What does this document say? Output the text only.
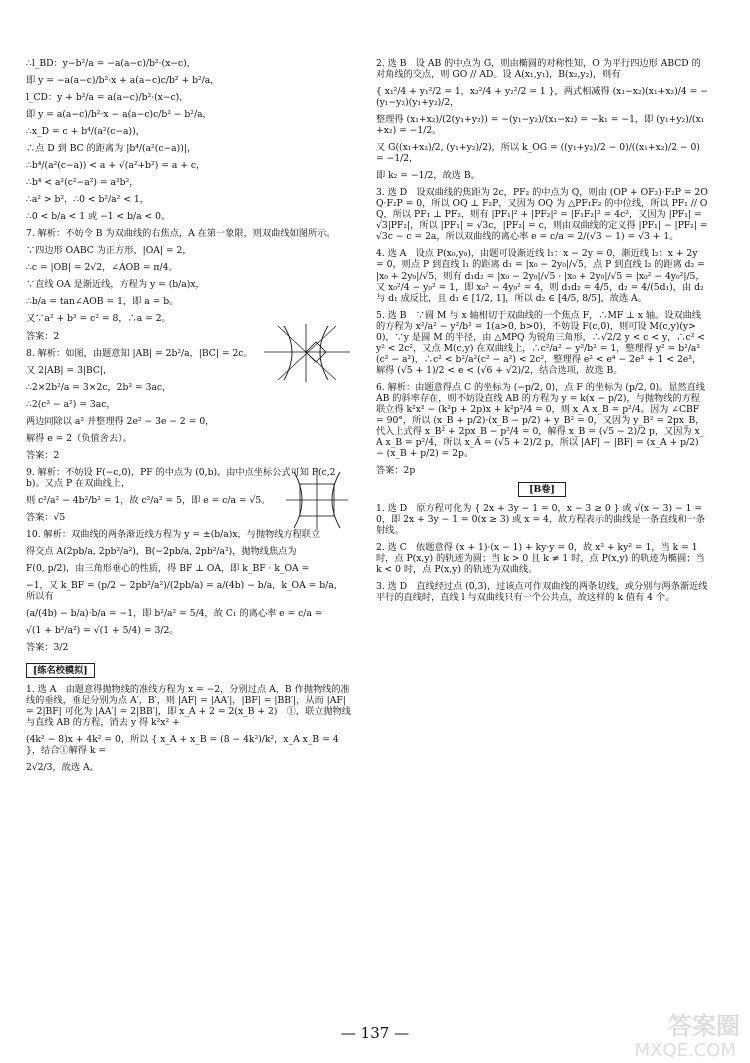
∴l_BD：y−b²/a = −a(a−c)/b²·(x−c)，
即 y = −a(a−c)/b²·x + a(a−c)c/b² + b²/a，
l_CD：y + b²/a = a(a−c)/b²·(x−c)，
即 y = a(a−c)/b²·x − a(a−c)c/b² − b²/a，
∴x_D = c + b⁴/(a²(c−a))，
∴点 D 到 BC 的距离为 |b⁴/(a²(c−a))|，
∴b⁴/(a²(c−a)) < a + √(a²+b²) = a + c，
∴b⁴ < a²(c²−a²) = a²b²，
∴a² > b²，∴0 < b²/a² < 1，
∴0 < b/a < 1 或 −1 < b/a < 0。
7. 解析：不妨令 B 为双曲线的右焦点，A 在第一象限，则双曲线如图所示。
∵四边形 OABC 为正方形，|OA| = 2，
∴c = |OB| = 2√2，∠AOB = π/4。
∵直线 OA 是渐近线，方程为 y = (b/a)x，
∴b/a = tan∠AOB = 1，即 a = b。
又∵a² + b² = c² = 8，∴a = 2。
答案：2
8. 解析：如图，由题意知 |AB| = 2b²/a，|BC| = 2c。
又 2|AB| = 3|BC|，
∴2×2b²/a = 3×2c，2b² = 3ac，
∴2(c² − a²) = 3ac，
两边同除以 a² 并整理得 2e² − 3e − 2 = 0，
解得 e = 2（负值舍去）。
答案：2
9. 解析：不妨设 F(−c,0)，PF 的中点为 (0,b)。由中点坐标公式可知 P(c,2b)。又点 P 在双曲线上，
则 c²/a² − 4b²/b² = 1，故 c²/a² = 5，即 e = c/a = √5。
答案：√5
10. 解析：双曲线的两条渐近线方程为 y = ±(b/a)x，与抛物线方程联立
得交点 A(2pb/a, 2pb²/a²)，B(−2pb/a, 2pb²/a²)，抛物线焦点为
F(0, p/2)，由三角形垂心的性质，得 BF ⊥ OA，即 k_BF · k_OA =
−1，又 k_BF = (p/2 − 2pb²/a²)/(2pb/a) = a/(4b) − b/a，k_OA = b/a，所以有
(a/(4b) − b/a)·b/a = −1，即 b²/a² = 5/4，故 C₁ 的离心率 e = c/a =
√(1 + b²/a²) = √(1 + 5/4) = 3/2。
答案：3/2
[练名校模拟]
1. 选 A　由题意得抛物线的准线方程为 x = −2，分别过点 A，B 作抛物线的准线的垂线，垂足分别为点 A′，B′，则 |AF| = |AA′|，|BF| = |BB′|，从而 |AF| = 2|BF| 可化为 |AA′| = 2|BB′|，即 x_A + 2 = 2(x_B + 2)　①，联立抛物线与直线 AB 的方程，消去 y 得 k²x² +
(4k² − 8)x + 4k² = 0，所以 { x_A + x_B = (8 − 4k²)/k²，x_A x_B = 4 }，结合①解得 k =
2√2/3，故选 A。
2. 选 B　设 AB 的中点为 G，则由椭圆的对称性知，O 为平行四边形 ABCD 的对角线的交点，则 GO // AD。设 A(x₁,y₁)，B(x₂,y₂)，则有
{ x₁²/4 + y₁²/2 = 1，x₂²/4 + y₂²/2 = 1 }，两式相减得 (x₁−x₂)(x₁+x₂)/4 = −(y₁−y₂)(y₁+y₂)/2，
整理得 (x₁+x₂)/(2(y₁+y₂)) = −(y₁−y₂)/(x₁−x₂) = −k₁ = −1，即 (y₁+y₂)/(x₁+x₂) = −1/2。
又 G((x₁+x₂)/2, (y₁+y₂)/2)，所以 k_OG = ((y₁+y₂)/2 − 0)/((x₁+x₂)/2 − 0) = −1/2，
即 k₂ = −1/2，故选 B。
3. 选 D　设双曲线的焦距为 2c，PF₂ 的中点为 Q，则由 (OP + OF₂)·F₂P = 2OQ·F₂P = 0，所以 OQ ⊥ F₂P，又因为 OQ 为 △PF₁F₂ 的中位线，所以 PF₁ // OQ，所以 PF₁ ⊥ PF₂，则有 |PF₁|² + |PF₂|² = |F₁F₂|² = 4c²，又因为 |PF₁| = √3|PF₂|，所以 |PF₁| = √3c，|PF₂| = c，则由双曲线的定义得 |PF₁| − |PF₂| = √3c − c = 2a，所以双曲线的离心率 e = c/a = 2/(√3 − 1) = √3 + 1。
4. 选 A　设点 P(x₀,y₀)，由题可设渐近线 l₁：x − 2y = 0，渐近线 l₂：x + 2y = 0，则点 P 到直线 l₁ 的距离 d₁ = |x₀ − 2y₀|/√5，点 P 到直线 l₂ 的距离 d₂ = |x₀ + 2y₀|/√5，则有 d₁d₂ = |x₀ − 2y₀|/√5 · |x₀ + 2y₀|/√5 = |x₀² − 4y₀²|/5，又 x₀²/4 − y₀² = 1，即 x₀² − 4y₀² = 4，则 d₁d₂ = 4/5，d₂ = 4/(5d₁)，由 d₂ 与 d₁ 成反比，且 d₁ ∈ [1/2, 1]，所以 d₂ ∈ [4/5, 8/5]，故选 A。
5. 选 B　∵圆 M 与 x 轴相切于双曲线的一个焦点 F，∴MF ⊥ x 轴。设双曲线的方程为 x²/a² − y²/b² = 1(a>0, b>0)，不妨设 F(c,0)，则可设 M(c,y)(y>0)，∵y 是圆 M 的半径，由 △MPQ 为锐角三角形，∴√2/2 y < c < y，∴c² < y² < 2c²，又点 M(c,y) 在双曲线上，∴c²/a² − y²/b² = 1，整理得 y² = b²/a²(c² − a²)，∴c² < b²/a²(c² − a²) < 2c²，整理得 e² < e⁴ − 2e² + 1 < 2e²，解得 (√5 + 1)/2 < e < (√6 + √2)/2，结合选项，故选 B。
6. 解析：由题意得点 C 的坐标为 (−p/2, 0)，点 F 的坐标为 (p/2, 0)。显然直线 AB 的斜率存在，则不妨设直线 AB 的方程为 y = k(x − p/2)，与抛物线的方程联立得 k²x² − (k²p + 2p)x + k²p²/4 = 0，则 x_A x_B = p²/4。因为 ∠CBF = 90°，所以 (x_B + p/2)·(x_B − p/2) + y_B² = 0，又因为 y_B² = 2px_B，代入上式得 x_B² + 2px_B − p²/4 = 0，解得 x_B = (√5 − 2)/2 p，又因为 x_A x_B = p²/4，所以 x_A = (√5 + 2)/2 p，所以 |AF| − |BF| = (x_A + p/2) − (x_B + p/2) = 2p。
答案：2p
[B卷]
1. 选 D　原方程可化为 { 2x + 3y − 1 = 0，x − 3 ≥ 0 } 或 √(x − 3) − 1 = 0，即 2x + 3y − 1 = 0(x ≥ 3) 或 x = 4，故方程表示的曲线是一条直线和一条射线。
2. 选 C　依题意得 (x + 1)·(x − 1) + ky·y = 0，故 x² + ky² = 1，当 k = 1 时，点 P(x,y) 的轨迹为圆；当 k > 0 且 k ≠ 1 时，点 P(x,y) 的轨迹为椭圆；当 k < 0 时，点 P(x,y) 的轨迹为双曲线。
3. 选 D　直线经过点 (0,3)，过该点可作双曲线的两条切线，或分别与两条渐近线平行的直线时，直线 l 与双曲线只有一个公共点，故这样的 k 值有 4 个。
— 137 —	答案圈
MXQE.COM
